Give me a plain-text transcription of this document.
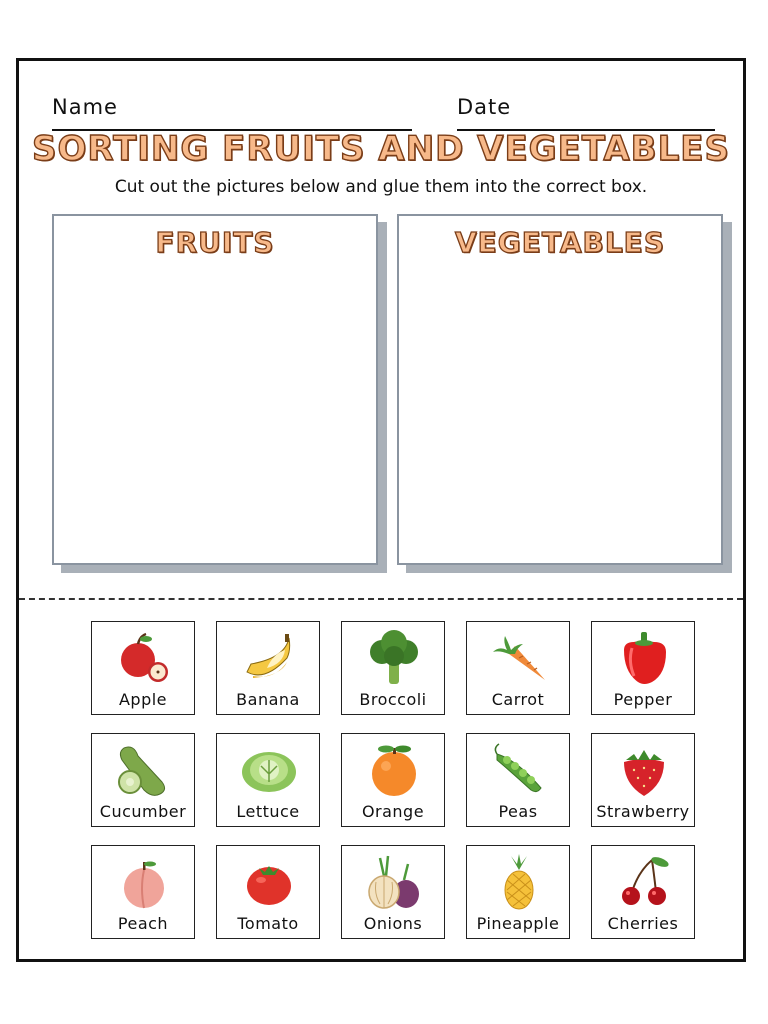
Name	Date
SORTING FRUITS AND VEGETABLES
Cut out the pictures below and glue them into the correct box.
FRUITS	VEGETABLES
Apple	Banana	Broccoli	Carrot	Pepper
Cucumber	Lettuce	Orange	Peas	Strawberry
Peach	Tomato	Onions	Pineapple	Cherries
